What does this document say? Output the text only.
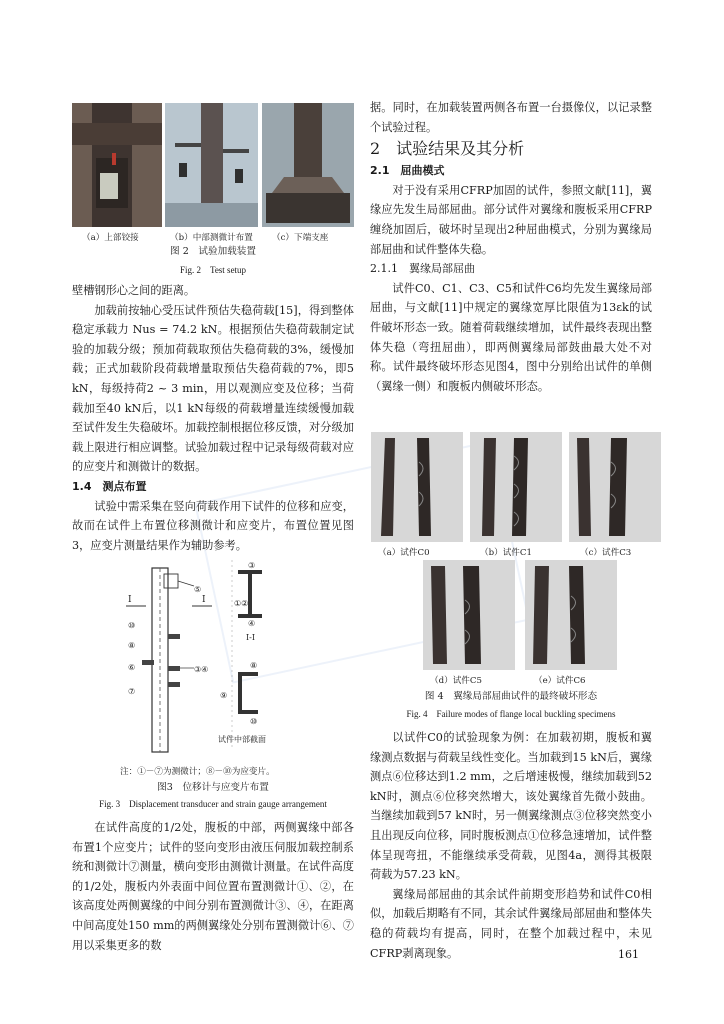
（a）上部铰接	（b）中部测微计布置 （c）下端支座
图 2　试验加载装置
Fig. 2　Test setup

壁槽钢形心之间的距离。

加载前按轴心受压试件预估失稳荷载[15]，得到整体稳定承载力 Nus = 74.2 kN。根据预估失稳荷载制定试验的加载分级；预加荷载取预估失稳荷载的3%，缓慢加载；正式加载阶段荷载增量取预估失稳荷载的7%，即5 kN，每级持荷2 ~ 3 min，用以观测应变及位移；当荷载加至40 kN后，以1 kN每级的荷载增量连续缓慢加载至试件发生失稳破坏。加载控制根据位移反馈，对分级加载上限进行相应调整。试验加载过程中记录每级荷载对应的应变片和测微计的数据。

1.4　测点布置

试验中需采集在竖向荷载作用下试件的位移和应变，故而在试件上布置位移测微计和应变片，布置位置见图3，应变片测量结果作为辅助参考。

I	I
⑤
⑩
⑧
⑥
⑦
③④
③
①②
④
I-I
⑧
⑨
⑩
试件中部截面
注：①－⑦为测微计；⑧－⑩为应变片。
图3　位移计与应变片布置
Fig. 3　Displacement transducer and strain gauge arrangement

在试件高度的1/2处，腹板的中部，两侧翼缘中部各布置1个应变片；试件的竖向变形由液压伺服加载控制系统和测微计⑦测量，横向变形由测微计测量。在试件高度的1/2处，腹板内外表面中间位置布置测微计①、②，在该高度处两侧翼缘的中间分别布置测微计③、④，在距离中间高度处150 mm的两侧翼缘处分别布置测微计⑥、⑦用以采集更多的数

据。同时，在加载装置两侧各布置一台摄像仪，以记录整个试验过程。

2　试验结果及其分析

2.1　屈曲模式

对于没有采用CFRP加固的试件，参照文献[11]，翼缘应先发生局部屈曲。部分试件对翼缘和腹板采用CFRP缠绕加固后，破坏时呈现出2种屈曲模式，分别为翼缘局部屈曲和试件整体失稳。

2.1.1　翼缘局部屈曲

试件C0、C1、C3、C5和试件C6均先发生翼缘局部屈曲，与文献[11]中规定的翼缘宽厚比限值为13εk的试件破坏形态一致。随着荷载继续增加，试件最终表现出整体失稳（弯扭屈曲），即两侧翼缘局部鼓曲最大处不对称。试件最终破坏形态见图4，图中分别给出试件的单侧（翼缘一侧）和腹板内侧破坏形态。

（a）试件C0	（b）试件C1	（c）试件C3
（d）试件C5	（e）试件C6
图 4　翼缘局部屈曲试件的最终破坏形态
Fig. 4　Failure modes of flange local buckling specimens

以试件C0的试验现象为例：在加载初期，腹板和翼缘测点数据与荷载呈线性变化。当加载到15 kN后，翼缘测点⑥位移达到1.2 mm，之后增速极慢，继续加载到52 kN时，测点⑥位移突然增大，该处翼缘首先微小鼓曲。当继续加载到57 kN时，另一侧翼缘测点③位移突然变小且出现反向位移，同时腹板测点①位移急速增加，试件整体呈现弯扭，不能继续承受荷载，见图4a，测得其极限荷载为57.23 kN。

翼缘局部屈曲的其余试件前期变形趋势和试件C0相似，加载后期略有不同，其余试件翼缘局部屈曲和整体失稳的荷载均有提高，同时，在整个加载过程中，未见CFRP剥离现象。	161
